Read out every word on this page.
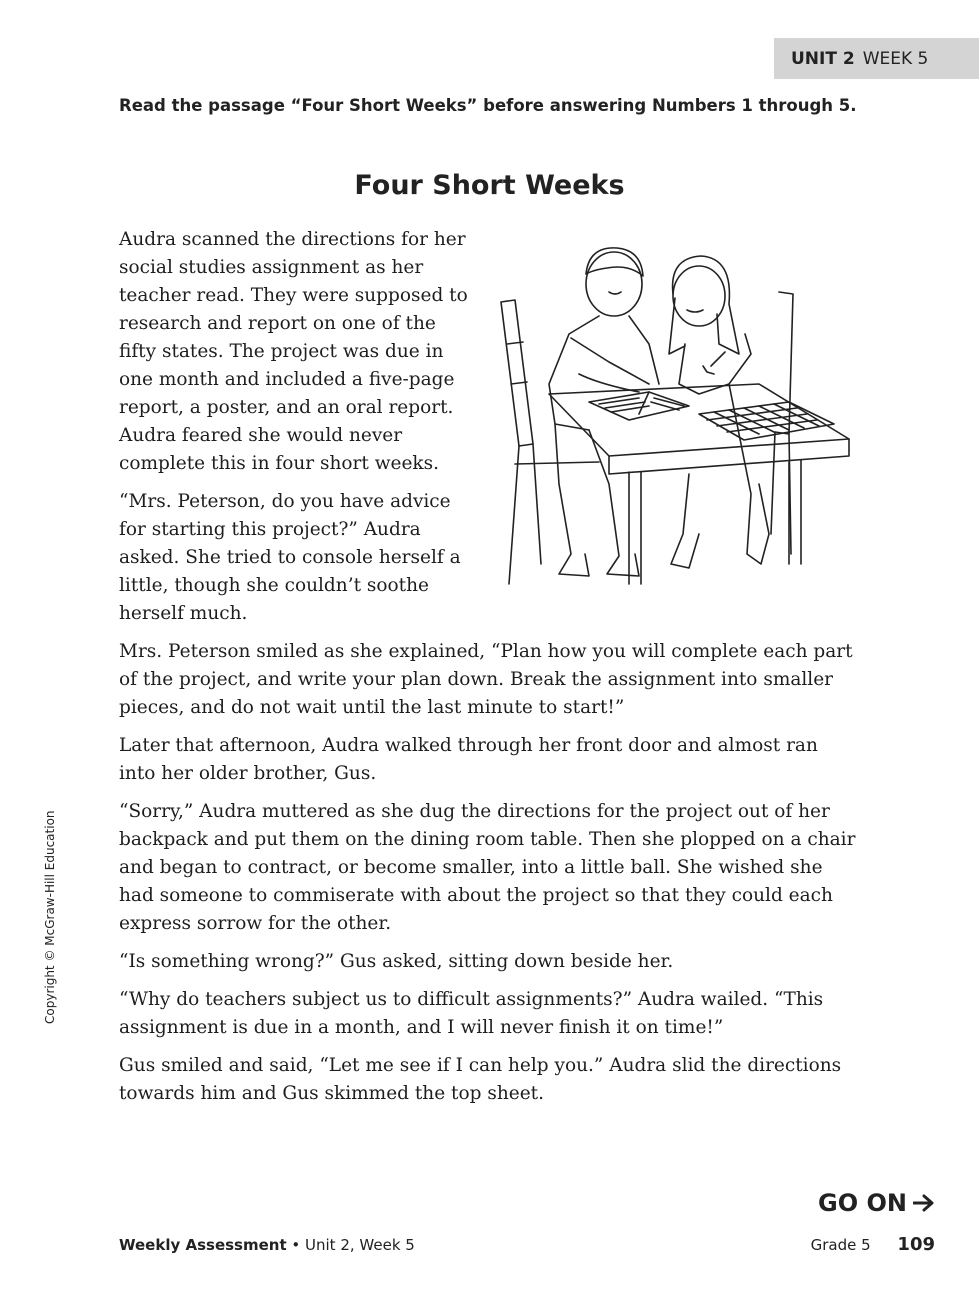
UNIT 2 WEEK 5
Read the passage “Four Short Weeks” before answering Numbers 1 through 5.
Four Short Weeks

Audra scanned the directions for her social studies assignment as her teacher read. They were supposed to research and report on one of the fifty states. The project was due in one month and included a five-page report, a poster, and an oral report. Audra feared she would never complete this in four short weeks.

“Mrs. Peterson, do you have advice for starting this project?” Audra asked. She tried to console herself a little, though she couldn’t soothe herself much.

Mrs. Peterson smiled as she explained, “Plan how you will complete each part of the project, and write your plan down. Break the assignment into smaller pieces, and do not wait until the last minute to start!”

Later that afternoon, Audra walked through her front door and almost ran into her older brother, Gus.

“Sorry,” Audra muttered as she dug the directions for the project out of her backpack and put them on the dining room table. Then she plopped on a chair and began to contract, or become smaller, into a little ball. She wished she had someone to commiserate with about the project so that they could each express sorrow for the other.

“Is something wrong?” Gus asked, sitting down beside her.

“Why do teachers subject us to difficult assignments?” Audra wailed. “This assignment is due in a month, and I will never finish it on time!”

Gus smiled and said, “Let me see if I can help you.” Audra slid the directions towards him and Gus skimmed the top sheet.

Copyright © McGraw-Hill Education
GO ON
Weekly Assessment • Unit 2, Week 5	Grade 5 109
